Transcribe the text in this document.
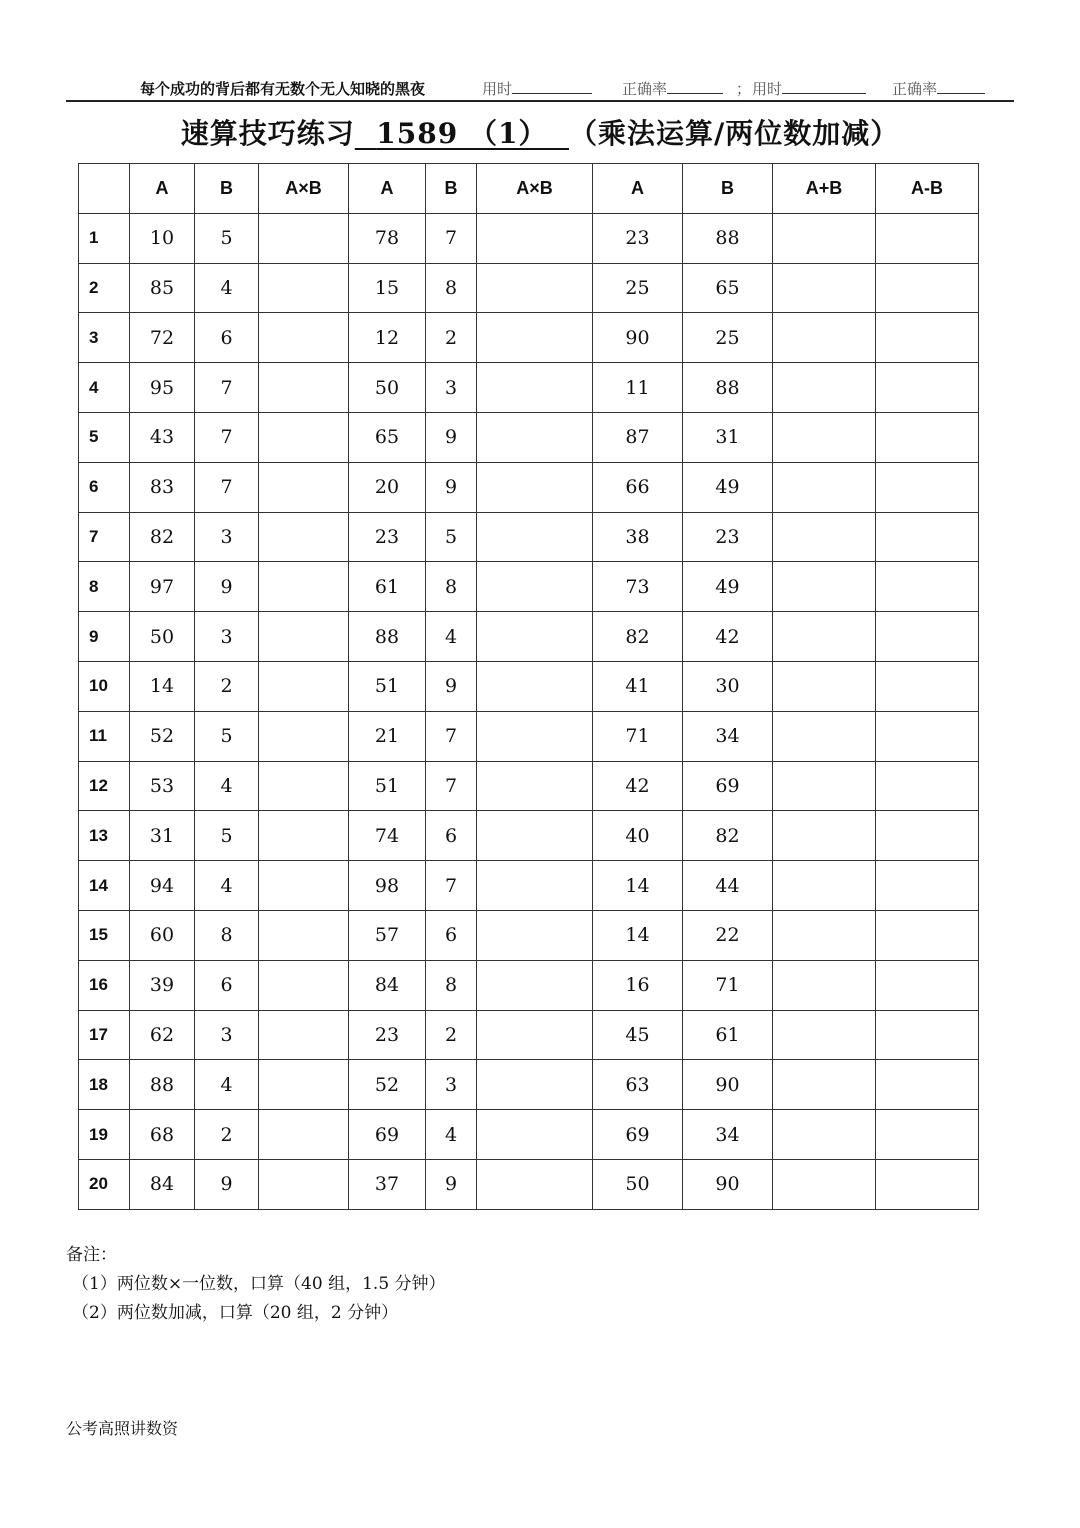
每个成功的背后都有无数个无人知晓的黑夜	用时	正确率	； 用时	正确率
速算技巧练习 1589 （1） （乘法运算/两位数加减）
	A	B	A×B	A	B	A×B	A	B	A+B	A-B
1	10	5		78	7		23	88		
2	85	4		15	8		25	65		
3	72	6		12	2		90	25		
4	95	7		50	3		11	88		
5	43	7		65	9		87	31		
6	83	7		20	9		66	49		
7	82	3		23	5		38	23		
8	97	9		61	8		73	49		
9	50	3		88	4		82	42		
10	14	2		51	9		41	30		
11	52	5		21	7		71	34		
12	53	4		51	7		42	69		
13	31	5		74	6		40	82		
14	94	4		98	7		14	44		
15	60	8		57	6		14	22		
16	39	6		84	8		16	71		
17	62	3		23	2		45	61		
18	88	4		52	3		63	90		
19	68	2		69	4		69	34		
20	84	9		37	9		50	90		
备注：
（1）两位数×一位数，口算（40 组，1.5 分钟）
（2）两位数加减，口算（20 组，2 分钟）
公考高照讲数资
